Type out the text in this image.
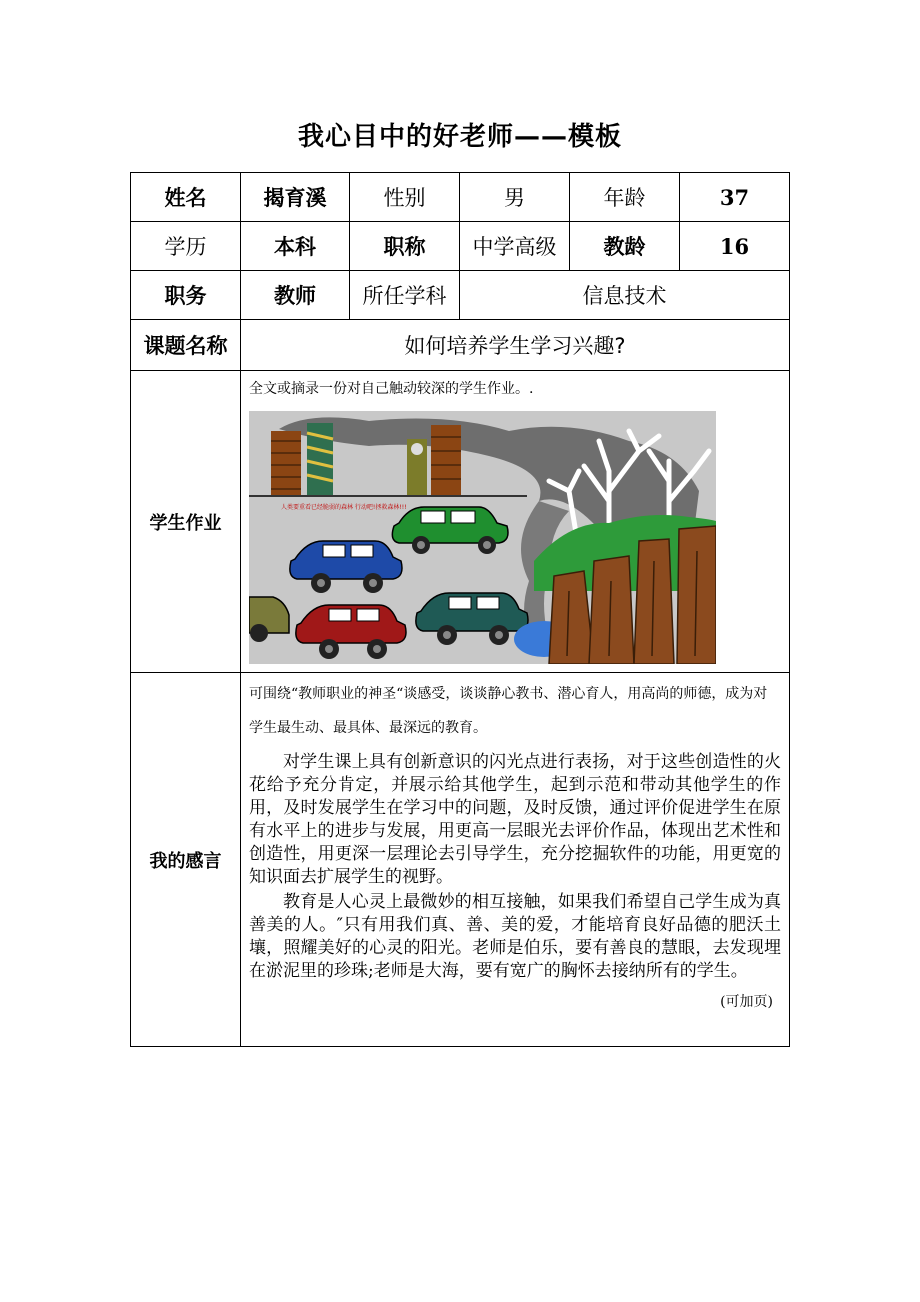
我心目中的好老师——模板
姓名	揭育溪	性别	男	年龄	37
学历	本科	职称	中学高级	教龄	16
职务	教师	所任学科	信息技术		
课题名称	如何培养学生学习兴趣?				
学生作业	全文或摘录一份对自己触动较深的学生作业。.

人类要重看已经脆弱的森林 行动吧!拯救森林!!!				

我的感言	可围绕“教师职业的神圣“谈感受，谈谈静心教书、潜心育人，用高尚的师德，成为对学生最生动、最具体、最深远的教育。

对学生课上具有创新意识的闪光点进行表扬，对于这些创造性的火花给予充分肯定，并展示给其他学生，起到示范和带动其他学生的作用，及时发展学生在学习中的问题，及时反馈，通过评价促进学生在原有水平上的进步与发展，用更高一层眼光去评价作品，体现出艺术性和创造性，用更深一层理论去引导学生，充分挖掘软件的功能，用更宽的知识面去扩展学生的视野。

教育是人心灵上最微妙的相互接触，如果我们希望自己学生成为真善美的人。″只有用我们真、善、美的爱，才能培育良好品德的肥沃土壤，照耀美好的心灵的阳光。老师是伯乐，要有善良的慧眼，去发现埋在淤泥里的珍珠;老师是大海，要有宽广的胸怀去接纳所有的学生。

(可加页)				
